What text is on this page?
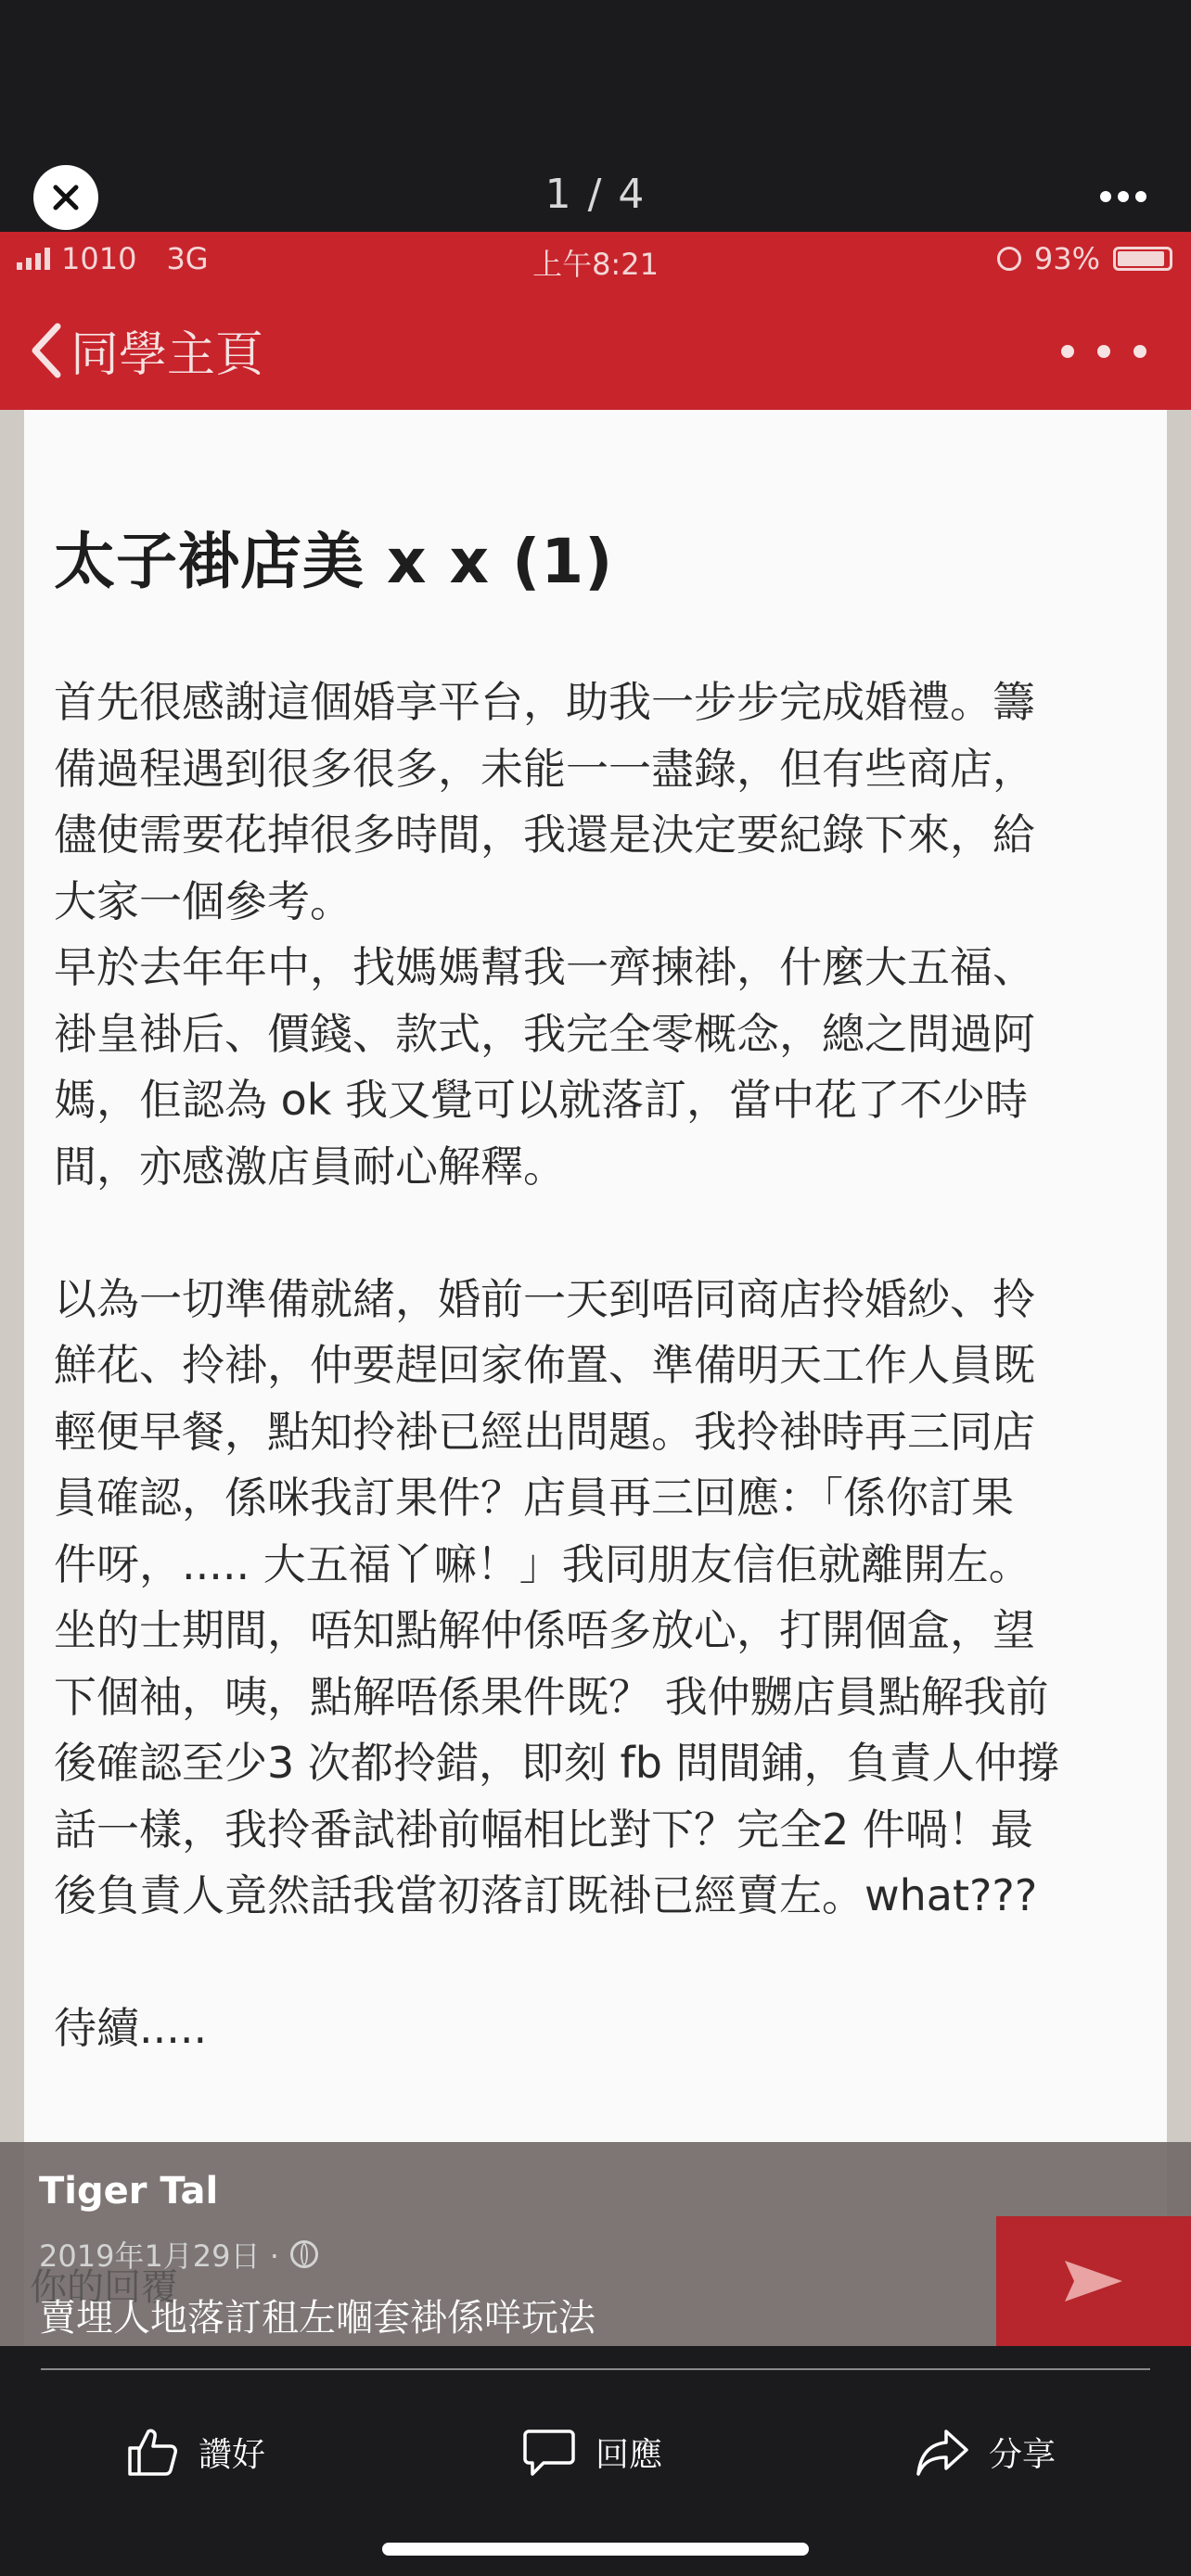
1 / 4
1010 3G	上午8:21	93%
同學主頁
太子褂店美 x x (1)

首先很感謝這個婚享平台，助我一步步完成婚禮。籌

備過程遇到很多很多，未能一一盡錄，但有些商店，

儘使需要花掉很多時間，我還是決定要紀錄下來，給

大家一個參考。

早於去年年中，找媽媽幫我一齊揀褂，什麼大五福、

褂皇褂后、價錢、款式，我完全零概念，總之問過阿

媽，佢認為 ok 我又覺可以就落訂，當中花了不少時

間，亦感激店員耐心解釋。

以為一切準備就緒，婚前一天到唔同商店拎婚紗、拎

鮮花、拎褂，仲要趕回家佈置、準備明天工作人員既

輕便早餐，點知拎褂已經出問題。我拎褂時再三同店

員確認，係咪我訂果件？店員再三回應：「係你訂果

件呀，..... 大五福丫嘛！」我同朋友信佢就離開左。

坐的士期間，唔知點解仲係唔多放心，打開個盒，望

下個袖，咦，點解唔係果件既？ 我仲嬲店員點解我前

後確認至少3 次都拎錯，即刻 fb 問間鋪，負責人仲撐

話一樣，我拎番試褂前幅相比對下？完全2 件喎！最

後負責人竟然話我當初落訂既褂已經賣左。what???

待續.....

你的回覆
Tiger Tal
2019年1月29日 ·
賣埋人地落訂租左嗰套褂係咩玩法
讚好	回應	分享
